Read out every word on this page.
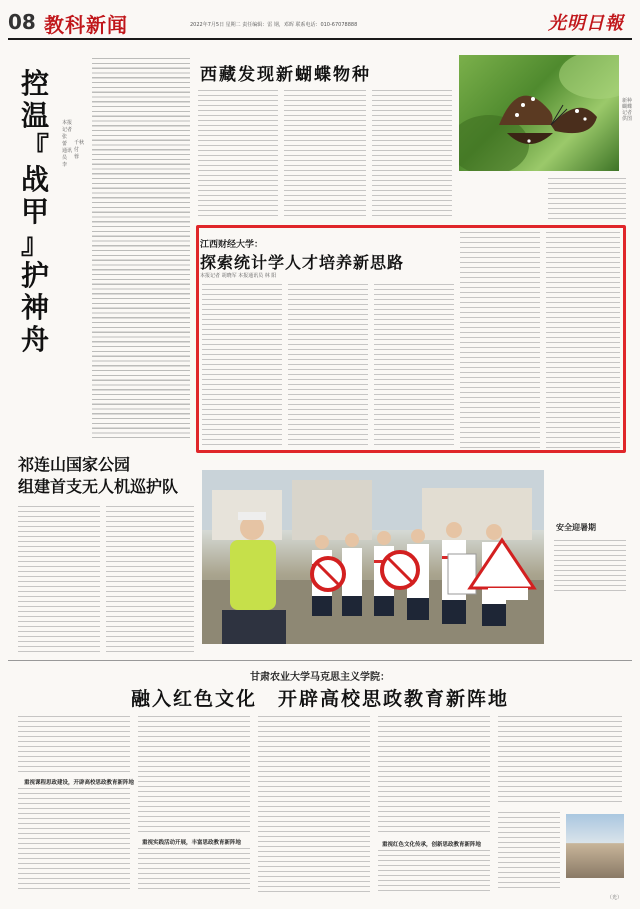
08 教科新闻	2022年7月5日 星期二 责任编辑：雷 钢，邓晖 联系电话：010-67078888	光明日報
控
温
『
战
甲
』
护
神
舟
本报记者 张 蕾 通讯员 李
千秋 付 蓉
西藏发现新蝴蝶物种
新种蝴蝶 记者 供图
江西财经大学：
探索统计学人才培养新思路
本报记者 胡晓军 本报通讯员 林 阳
祁连山国家公园
组建首支无人机巡护队
安全迎暑期
甘肃农业大学马克思主义学院：
融入红色文化　开辟高校思政教育新阵地
重视课程思政建设，开辟高校思政教育新阵地
重视实践活动开展，丰富思政教育新阵地	重视红色文化传承，创新思政教育新阵地
（光）
